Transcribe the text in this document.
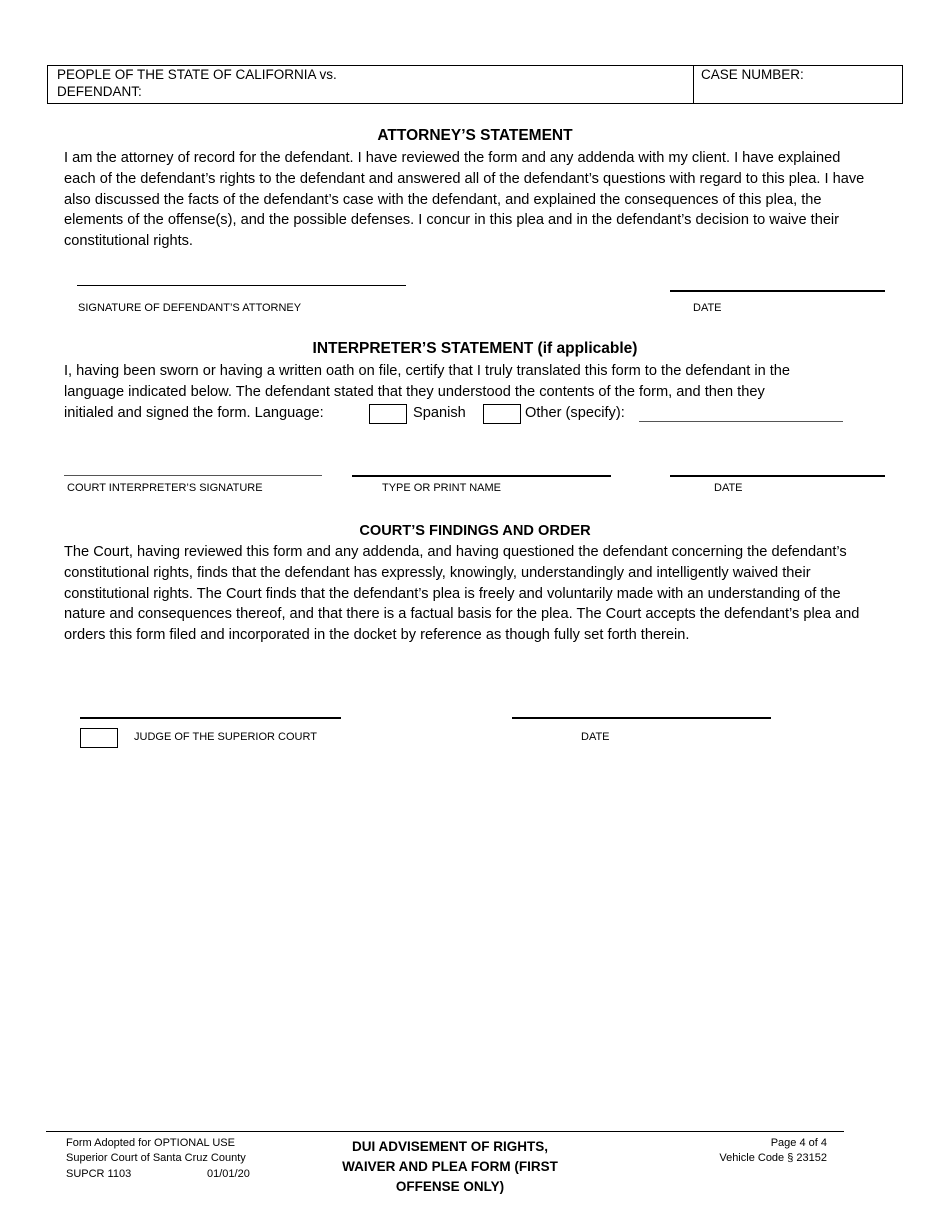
PEOPLE OF THE STATE OF CALIFORNIA vs.
DEFENDANT:
CASE NUMBER:
ATTORNEY’S STATEMENT
I am the attorney of record for the defendant. I have reviewed the form and any addenda with my client. I have explained each of the defendant’s rights to the defendant and answered all of the defendant’s questions with regard to this plea. I have also discussed the facts of the defendant’s case with the defendant, and explained the consequences of this plea, the elements of the offense(s), and the possible defenses. I concur in this plea and in the defendant’s decision to waive their constitutional rights.
SIGNATURE OF DEFENDANT’S ATTORNEY	DATE
INTERPRETER’S STATEMENT (if applicable)
I, having been sworn or having a written oath on file, certify that I truly translated this form to the defendant in the
language indicated below. The defendant stated that they understood the contents of the form, and then they
initialed and signed the form. Language:	Spanish	Other (specify):
COURT INTERPRETER’S SIGNATURE	TYPE OR PRINT NAME	DATE
COURT’S FINDINGS AND ORDER
The Court, having reviewed this form and any addenda, and having questioned the defendant concerning the defendant’s constitutional rights, finds that the defendant has expressly, knowingly, understandingly and intelligently waived their constitutional rights. The Court finds that the defendant’s plea is freely and voluntarily made with an understanding of the nature and consequences thereof, and that there is a factual basis for the plea. The Court accepts the defendant’s plea and orders this form filed and incorporated in the docket by reference as though fully set forth therein.
JUDGE OF THE SUPERIOR COURT	DATE
Form Adopted for OPTIONAL USE
Superior Court of Santa Cruz County
SUPCR 1103	01/01/20
DUI ADVISEMENT OF RIGHTS,
WAIVER AND PLEA FORM (FIRST
OFFENSE ONLY)
Page 4 of 4
Vehicle Code § 23152
